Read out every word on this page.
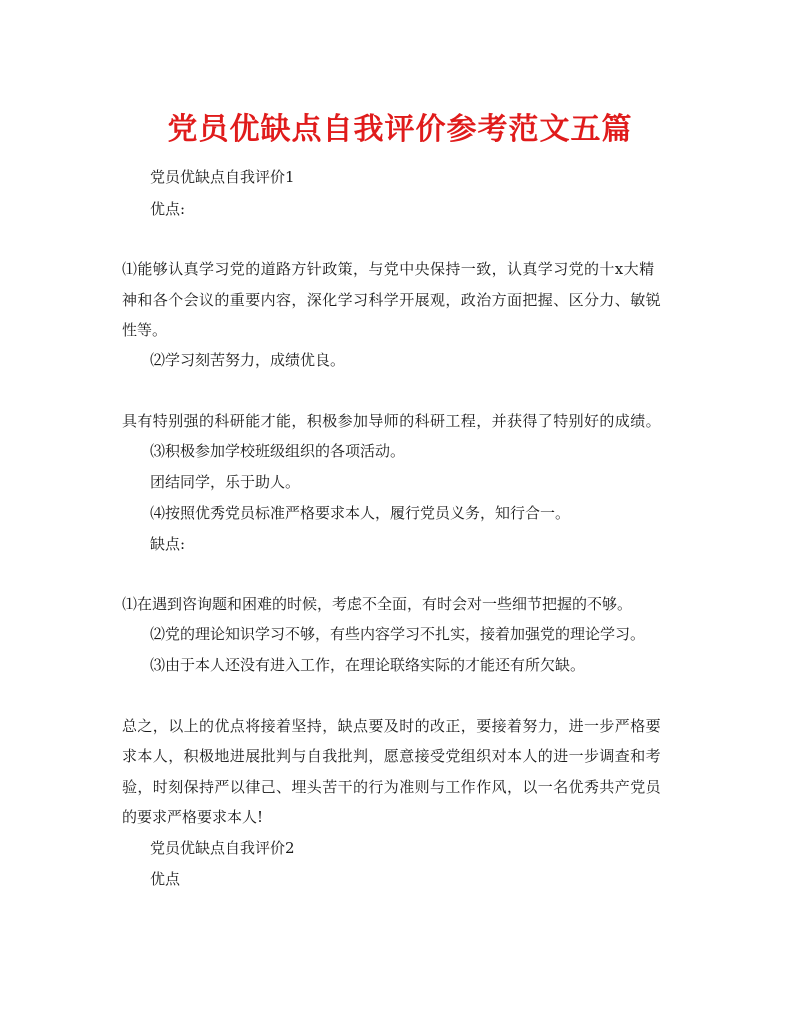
党员优缺点自我评价参考范文五篇
党员优缺点自我评价1
优点:
⑴能够认真学习党的道路方针政策，与党中央保持一致，认真学习党的十x大精
神和各个会议的重要内容，深化学习科学开展观，政治方面把握、区分力、敏锐
性等。
⑵学习刻苦努力，成绩优良。
具有特别强的科研能才能，积极参加导师的科研工程，并获得了特别好的成绩。
⑶积极参加学校班级组织的各项活动。
团结同学，乐于助人。
⑷按照优秀党员标准严格要求本人，履行党员义务，知行合一。
缺点:
⑴在遇到咨询题和困难的时候，考虑不全面，有时会对一些细节把握的不够。
⑵党的理论知识学习不够，有些内容学习不扎实，接着加强党的理论学习。
⑶由于本人还没有进入工作，在理论联络实际的才能还有所欠缺。
总之，以上的优点将接着坚持，缺点要及时的改正，要接着努力，进一步严格要
求本人，积极地进展批判与自我批判，愿意接受党组织对本人的进一步调查和考
验，时刻保持严以律己、埋头苦干的行为准则与工作作风，以一名优秀共产党员
的要求严格要求本人!
党员优缺点自我评价2
优点
